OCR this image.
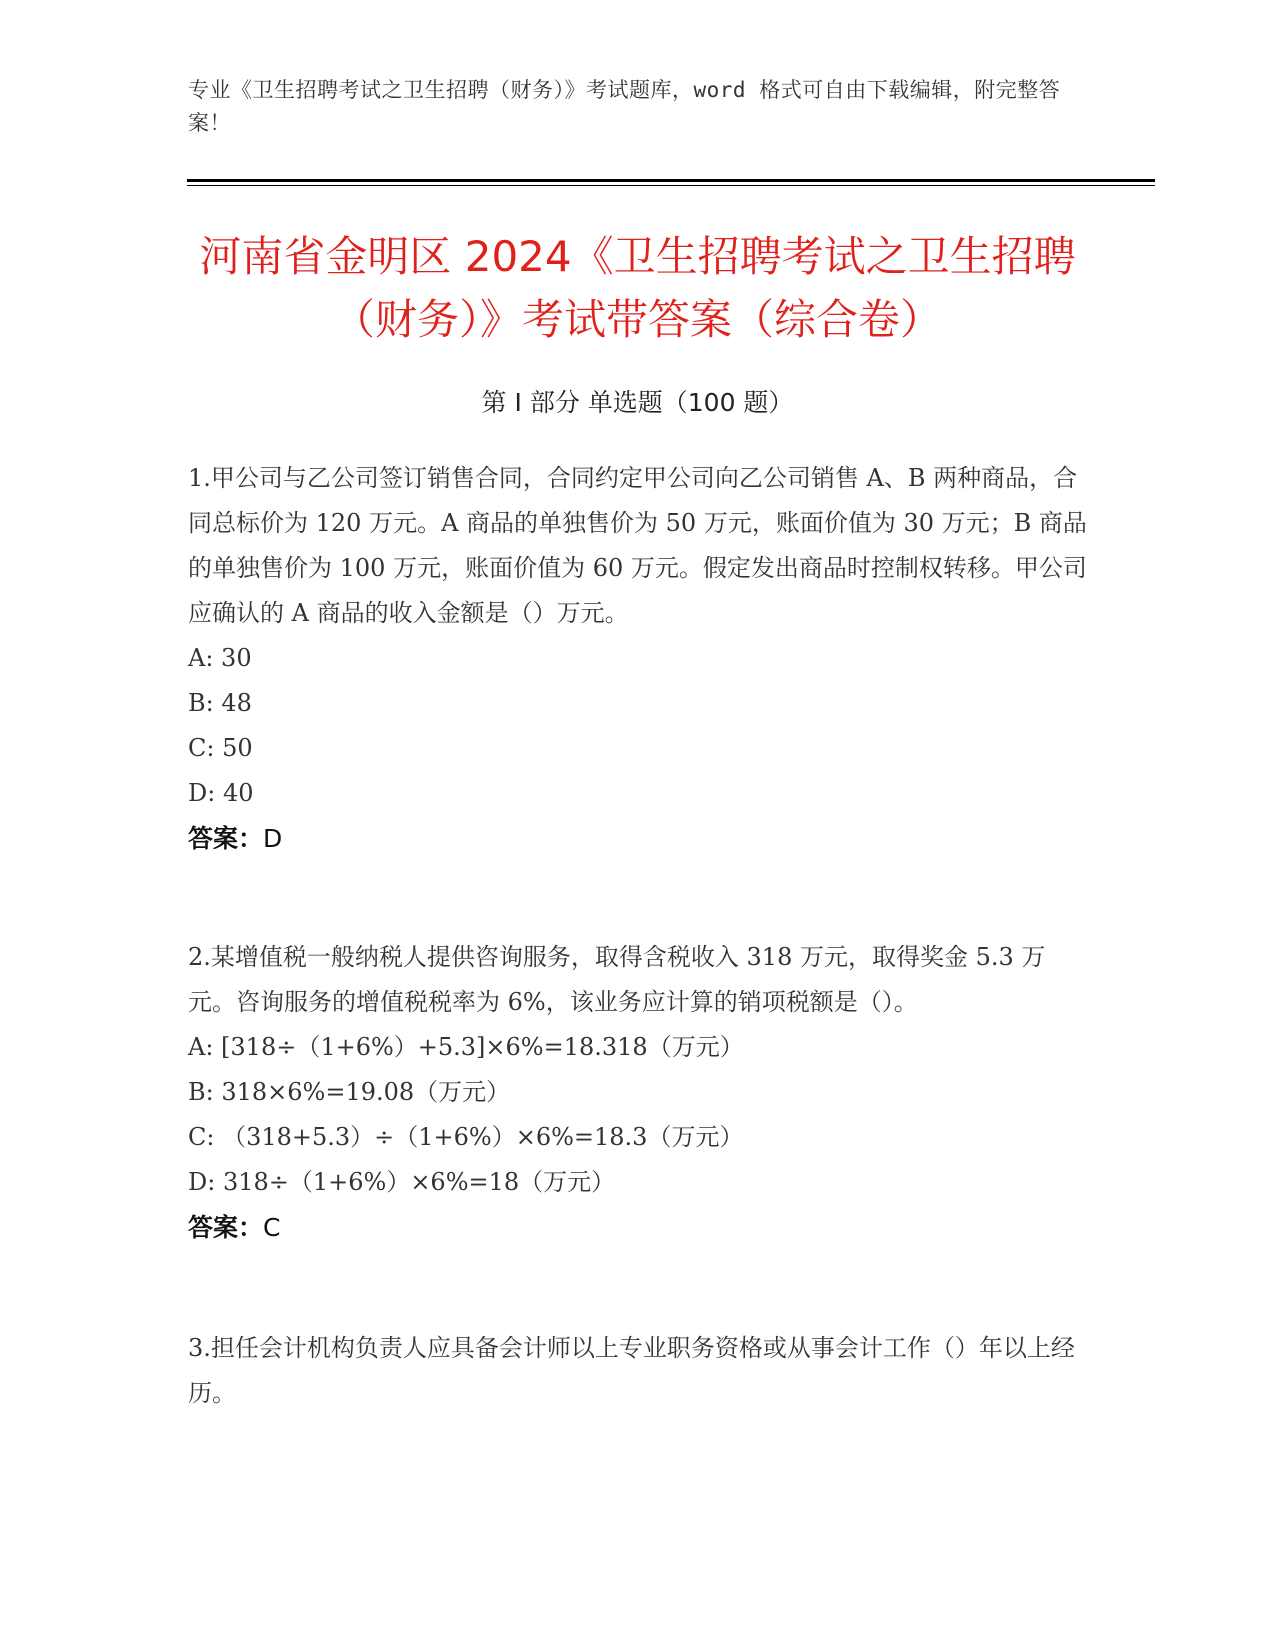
专业《卫生招聘考试之卫生招聘（财务）》考试题库，word 格式可自由下载编辑，附完整答案！
河南省金明区 2024《卫生招聘考试之卫生招聘（财务）》考试带答案（综合卷）
第 I 部分 单选题（100 题）

1.甲公司与乙公司签订销售合同，合同约定甲公司向乙公司销售 A、B 两种商品，合同总标价为 120 万元。A 商品的单独售价为 50 万元，账面价值为 30 万元；B 商品的单独售价为 100 万元，账面价值为 60 万元。假定发出商品时控制权转移。甲公司应确认的 A 商品的收入金额是（）万元。

A: 30

B: 48

C: 50

D: 40

答案：D

2.某增值税一般纳税人提供咨询服务，取得含税收入 318 万元，取得奖金 5.3 万元。咨询服务的增值税税率为 6%，该业务应计算的销项税额是（）。

A: [318÷（1+6%）+5.3]×6%=18.318（万元）

B: 318×6%=19.08（万元）

C: （318+5.3）÷（1+6%）×6%=18.3（万元）

D: 318÷（1+6%）×6%=18（万元）

答案：C

3.担任会计机构负责人应具备会计师以上专业职务资格或从事会计工作（）年以上经历。
